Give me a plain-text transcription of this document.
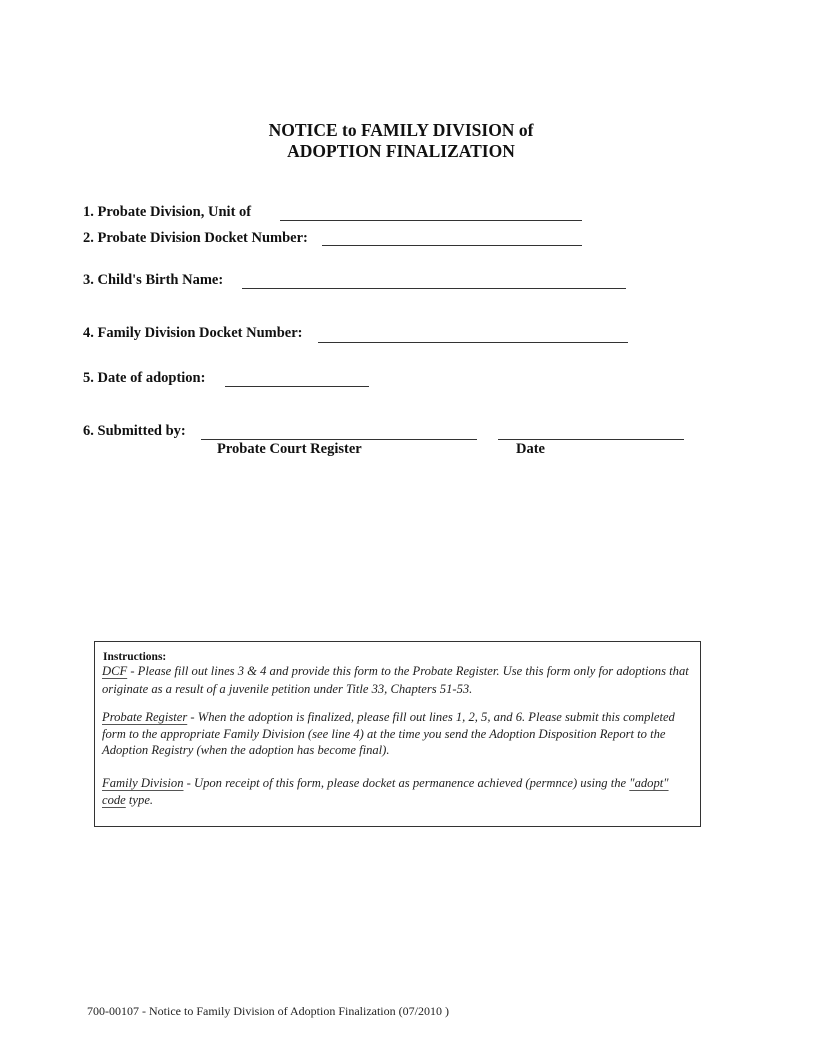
NOTICE to FAMILY DIVISION of
ADOPTION FINALIZATION
1. Probate Division, Unit of
2. Probate Division Docket Number:
3. Child's Birth Name:
4. Family Division Docket Number:
5. Date of adoption:
6. Submitted by:
Probate Court Register	Date
Instructions:
DCF - Please fill out lines 3 & 4 and provide this form to the Probate Register. Use this form only for adoptions that originate as a result of a juvenile petition under Title 33, Chapters 51-53.
Probate Register - When the adoption is finalized, please fill out lines 1, 2, 5, and 6. Please submit this completed form to the appropriate Family Division (see line 4) at the time you send the Adoption Disposition Report to the Adoption Registry (when the adoption has become final).
Family Division - Upon receipt of this form, please docket as permanence achieved (permnce) using the "adopt" code type.
700-00107 - Notice to Family Division of Adoption Finalization (07/2010 )
